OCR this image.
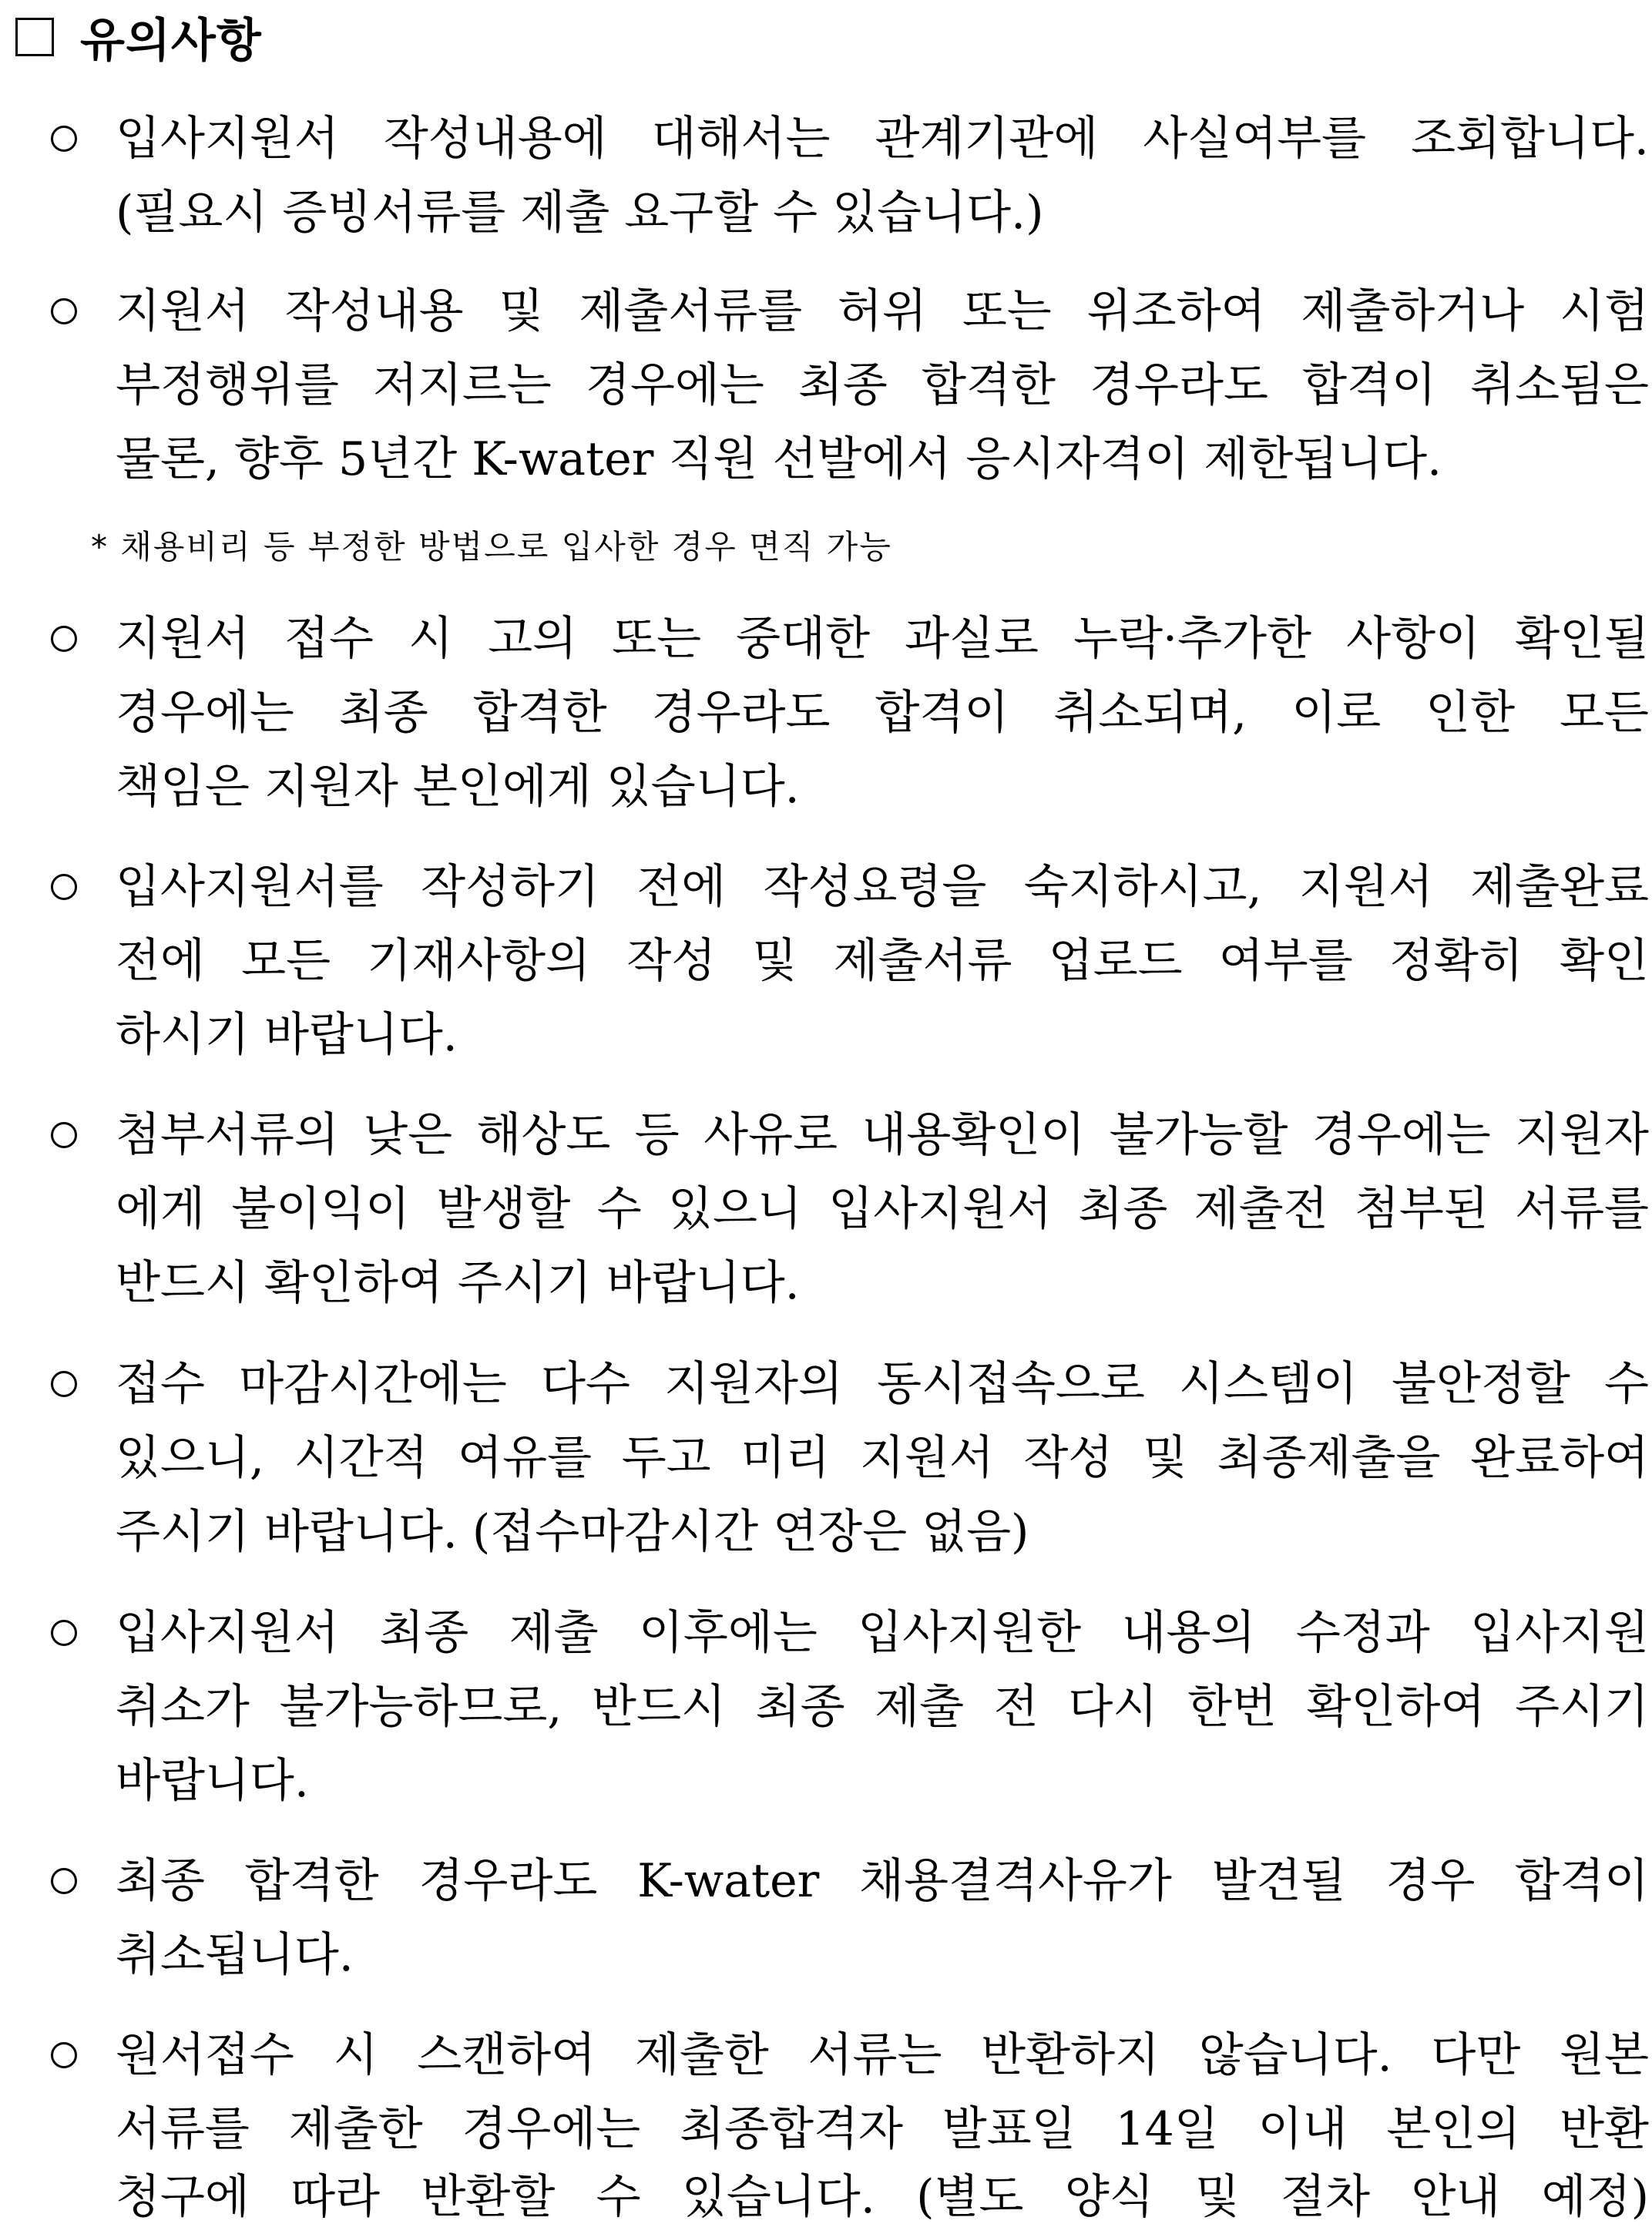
유의사항
입사지원서 작성내용에 대해서는 관계기관에 사실여부를 조회합니다.
(필요시 증빙서류를 제출 요구할 수 있습니다.)
지원서 작성내용 및 제출서류를 허위 또는 위조하여 제출하거나 시험
부정행위를 저지르는 경우에는 최종 합격한 경우라도 합격이 취소됨은
물론, 향후 5년간 K-water 직원 선발에서 응시자격이 제한됩니다.
* 채용비리 등 부정한 방법으로 입사한 경우 면직 가능
지원서 접수 시 고의 또는 중대한 과실로 누락·추가한 사항이 확인될
경우에는 최종 합격한 경우라도 합격이 취소되며, 이로 인한 모든
책임은 지원자 본인에게 있습니다.
입사지원서를 작성하기 전에 작성요령을 숙지하시고, 지원서 제출완료
전에 모든 기재사항의 작성 및 제출서류 업로드 여부를 정확히 확인
하시기 바랍니다.
첨부서류의 낮은 해상도 등 사유로 내용확인이 불가능할 경우에는 지원자
에게 불이익이 발생할 수 있으니 입사지원서 최종 제출전 첨부된 서류를
반드시 확인하여 주시기 바랍니다.
접수 마감시간에는 다수 지원자의 동시접속으로 시스템이 불안정할 수
있으니, 시간적 여유를 두고 미리 지원서 작성 및 최종제출을 완료하여
주시기 바랍니다. (접수마감시간 연장은 없음)
입사지원서 최종 제출 이후에는 입사지원한 내용의 수정과 입사지원
취소가 불가능하므로, 반드시 최종 제출 전 다시 한번 확인하여 주시기
바랍니다.
최종 합격한 경우라도 K-water 채용결격사유가 발견될 경우 합격이
취소됩니다.
원서접수 시 스캔하여 제출한 서류는 반환하지 않습니다. 다만 원본
서류를 제출한 경우에는 최종합격자 발표일 14일 이내 본인의 반환
청구에 따라 반환할 수 있습니다. (별도 양식 및 절차 안내 예정)
